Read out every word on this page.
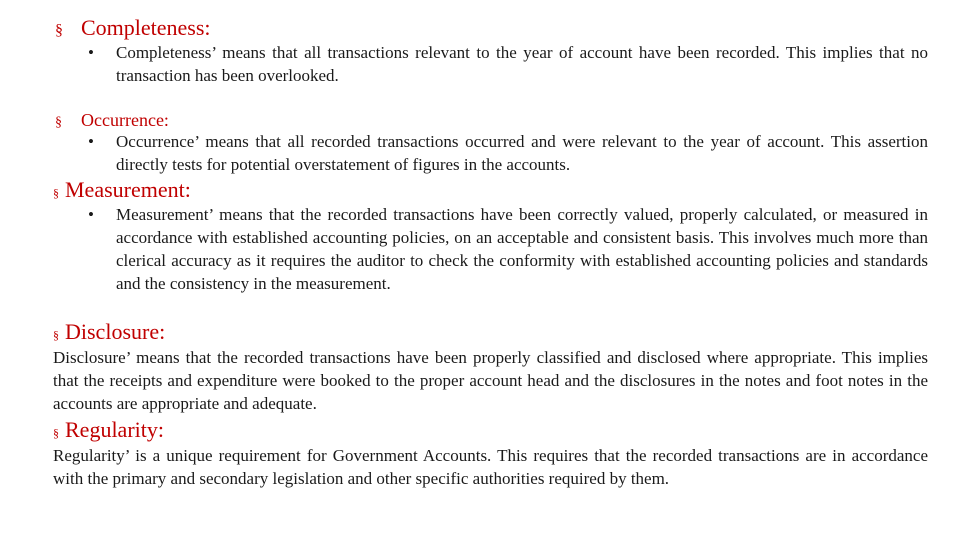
§ Completeness:
•	Completeness’ means that all transactions relevant to the year of account have been recorded. This implies that no transaction has been overlooked.
§	Occurrence:
•	Occurrence’ means that all recorded transactions occurred and were relevant to the year of account. This assertion directly tests for potential overstatement of figures in the accounts.
§ Measurement:
•	Measurement’ means that the recorded transactions have been correctly valued, properly calculated, or measured in accordance with established accounting policies, on an acceptable and consistent basis. This involves much more than clerical accuracy as it requires the auditor to check the conformity with established accounting policies and standards and the consistency in the measurement.
§ Disclosure:
Disclosure’ means that the recorded transactions have been properly classified and disclosed where appropriate. This implies that the receipts and expenditure were booked to the proper account head and the disclosures in the notes and foot notes in the accounts are appropriate and adequate.
§ Regularity:
Regularity’ is a unique requirement for Government Accounts. This requires that the recorded transactions are in accordance with the primary and secondary legislation and other specific authorities required by them.
